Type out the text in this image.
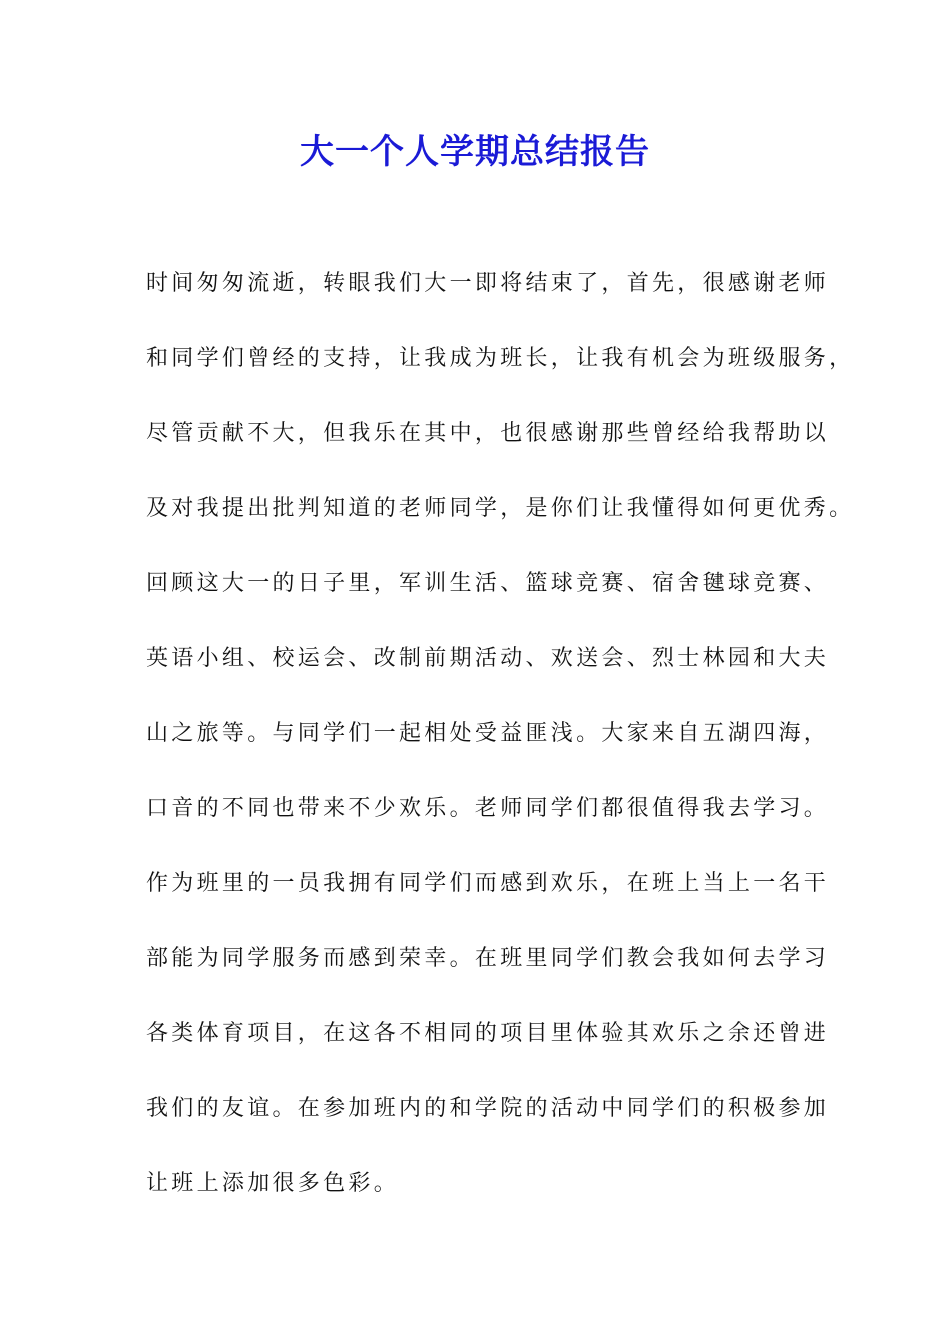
大一个人学期总结报告
时间匆匆流逝，转眼我们大一即将结束了，首先，很感谢老师
和同学们曾经的支持，让我成为班长，让我有机会为班级服务，
尽管贡献不大，但我乐在其中，也很感谢那些曾经给我帮助以
及对我提出批判知道的老师同学，是你们让我懂得如何更优秀。
回顾这大一的日子里，军训生活、篮球竞赛、宿舍毽球竞赛、
英语小组、校运会、改制前期活动、欢送会、烈士林园和大夫
山之旅等。与同学们一起相处受益匪浅。大家来自五湖四海，
口音的不同也带来不少欢乐。老师同学们都很值得我去学习。
作为班里的一员我拥有同学们而感到欢乐，在班上当上一名干
部能为同学服务而感到荣幸。在班里同学们教会我如何去学习
各类体育项目，在这各不相同的项目里体验其欢乐之余还曾进
我们的友谊。在参加班内的和学院的活动中同学们的积极参加
让班上添加很多色彩。
